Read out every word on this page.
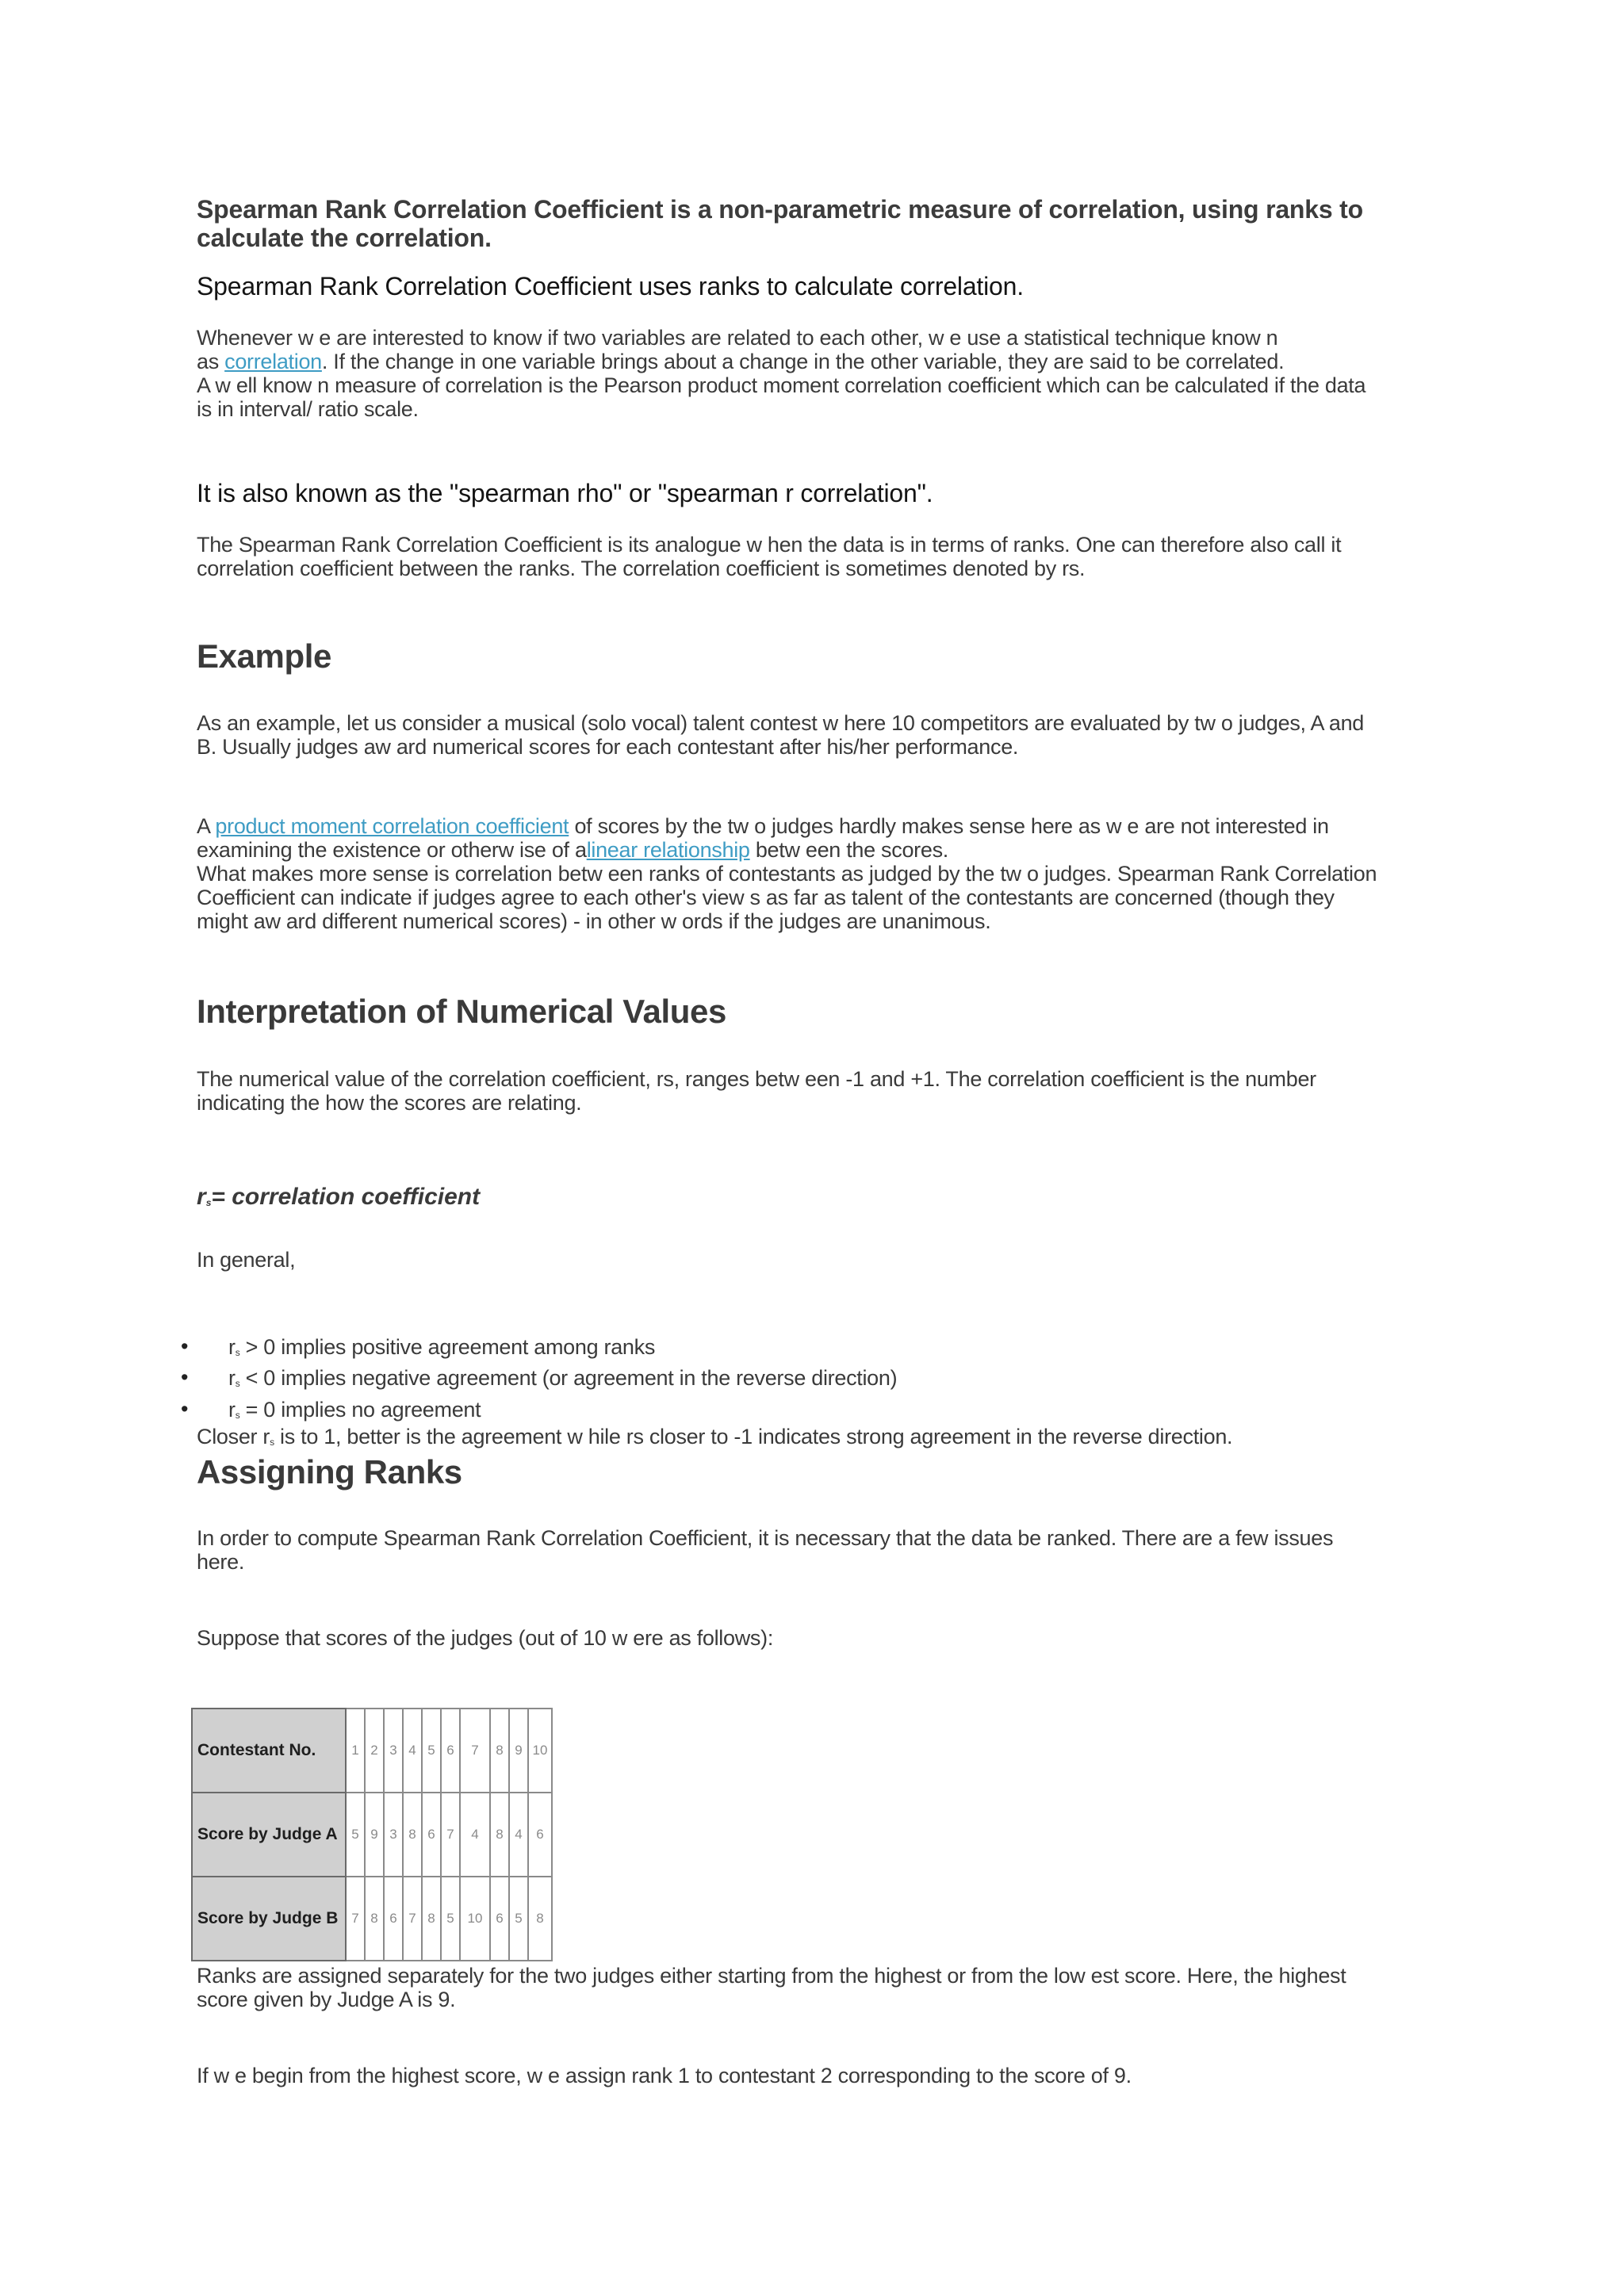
Spearman Rank Correlation Coefficient is a non-parametric measure of correlation, using ranks to

calculate the correlation.

Spearman Rank Correlation Coefficient uses ranks to calculate correlation.

Whenever w e are interested to know if two variables are related to each other, w e use a statistical technique know n

as correlation. If the change in one variable brings about a change in the other variable, they are said to be correlated.

A w ell know n measure of correlation is the Pearson product moment correlation coefficient which can be calculated if the data

is in interval/ ratio scale.

It is also known as the "spearman rho" or "spearman r correlation".

The Spearman Rank Correlation Coefficient is its analogue w hen the data is in terms of ranks. One can therefore also call it

correlation coefficient between the ranks. The correlation coefficient is sometimes denoted by rs.

Example

As an example, let us consider a musical (solo vocal) talent contest w here 10 competitors are evaluated by tw o judges, A and

B. Usually judges aw ard numerical scores for each contestant after his/her performance.

A product moment correlation coefficient of scores by the tw o judges hardly makes sense here as w e are not interested in

examining the existence or otherw ise of alinear relationship betw een the scores.

What makes more sense is correlation betw een ranks of contestants as judged by the tw o judges. Spearman Rank Correlation

Coefficient can indicate if judges agree to each other's view s as far as talent of the contestants are concerned (though they

might aw ard different numerical scores) - in other w ords if the judges are unanimous.

Interpretation of Numerical Values

The numerical value of the correlation coefficient, rs, ranges betw een -1 and +1. The correlation coefficient is the number

indicating the how the scores are relating.

rs= correlation coefficient

In general,

• rs > 0 implies positive agreement among ranks

• rs < 0 implies negative agreement (or agreement in the reverse direction)

• rs = 0 implies no agreement

Closer rs is to 1, better is the agreement w hile rs closer to -1 indicates strong agreement in the reverse direction.

Assigning Ranks

In order to compute Spearman Rank Correlation Coefficient, it is necessary that the data be ranked. There are a few issues

here.

Suppose that scores of the judges (out of 10 w ere as follows):

Contestant No.	1	2	3	4	5	6	7	8	9	10
Score by Judge A	5	9	3	8	6	7	4	8	4	6
Score by Judge B	7	8	6	7	8	5	10	6	5	8

Ranks are assigned separately for the two judges either starting from the highest or from the low est score. Here, the highest

score given by Judge A is 9.

If w e begin from the highest score, w e assign rank 1 to contestant 2 corresponding to the score of 9.
